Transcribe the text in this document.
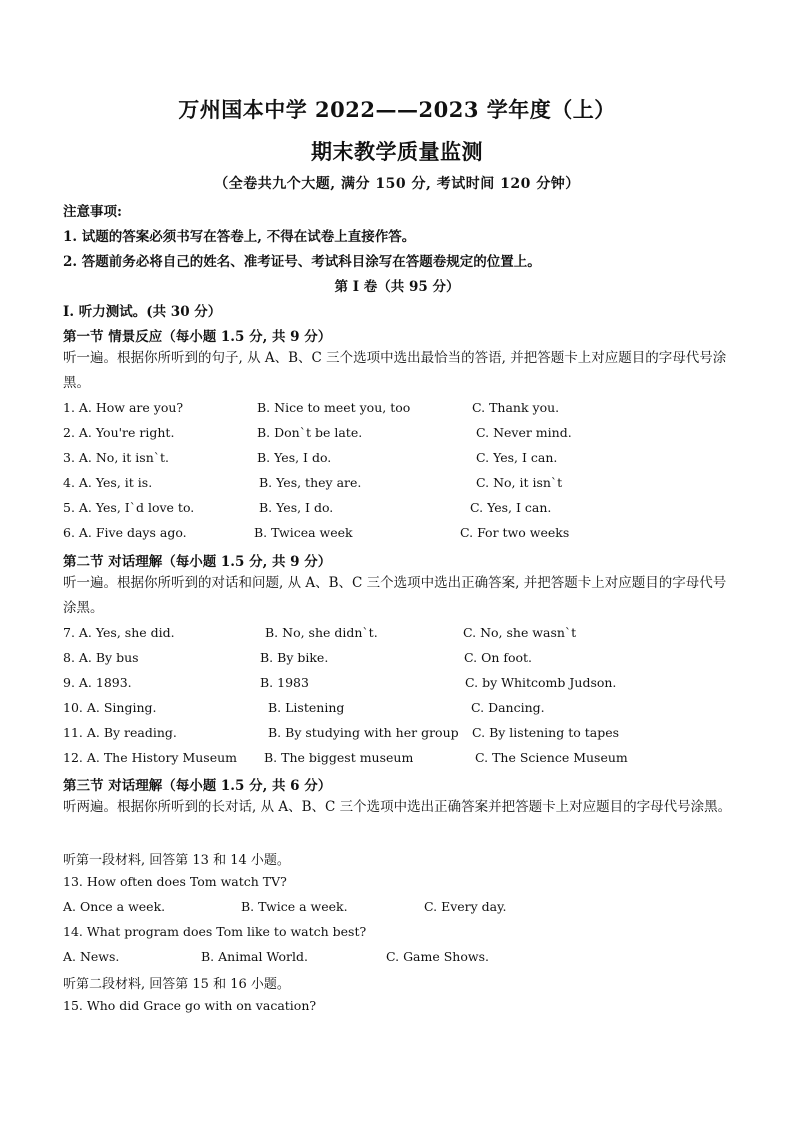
万州国本中学 2022——2023 学年度（上）
期末教学质量监测
（全卷共九个大题, 满分 150 分, 考试时间 120 分钟）
注意事项:
1. 试题的答案必须书写在答卷上, 不得在试卷上直接作答。
2. 答题前务必将自己的姓名、准考证号、考试科目涂写在答题卷规定的位置上。
第 I 卷（共 95 分）
I. 听力测试。(共 30 分）
第一节 情景反应（每小题 1.5 分, 共 9 分）
听一遍。根据你所听到的句子, 从 A、B、C 三个选项中选出最恰当的答语, 并把答题卡上对应题目的字母代号涂黑。
1. A. How are you?	B. Nice to meet you, too	C. Thank you.
2. A. You're right.	B. Don`t be late.	C. Never mind.
3. A. No, it isn`t.	B. Yes, I do.	C. Yes, I can.
4. A. Yes, it is.	B. Yes, they are.	C. No, it isn`t
5. A. Yes, I`d love to.	B. Yes, I do.	C. Yes, I can.
6. A. Five days ago.	B. Twicea week	C. For two weeks
第二节 对话理解（每小题 1.5 分, 共 9 分）
听一遍。根据你所听到的对话和问题, 从 A、B、C 三个选项中选出正确答案, 并把答题卡上对应题目的字母代号涂黑。
7. A. Yes, she did.	B. No, she didn`t.	C. No, she wasn`t
8. A. By bus	B. By bike.	C. On foot.
9. A. 1893.	B. 1983	C. by Whitcomb Judson.
10. A. Singing.	B. Listening	C. Dancing.
11. A. By reading.	B. By studying with her group C. By listening to tapes
12. A. The History Museum B. The biggest museum	C. The Science Museum
第三节 对话理解（每小题 1.5 分, 共 6 分）
听两遍。根据你所听到的长对话, 从 A、B、C 三个选项中选出正确答案并把答题卡上对应题目的字母代号涂黑。
听第一段材料, 回答第 13 和 14 小题。
13. How often does Tom watch TV?
A. Once a week.	B. Twice a week.	C. Every day.
14. What program does Tom like to watch best?
A. News.	B. Animal World.	C. Game Shows.
听第二段材料, 回答第 15 和 16 小题。
15. Who did Grace go with on vacation?
